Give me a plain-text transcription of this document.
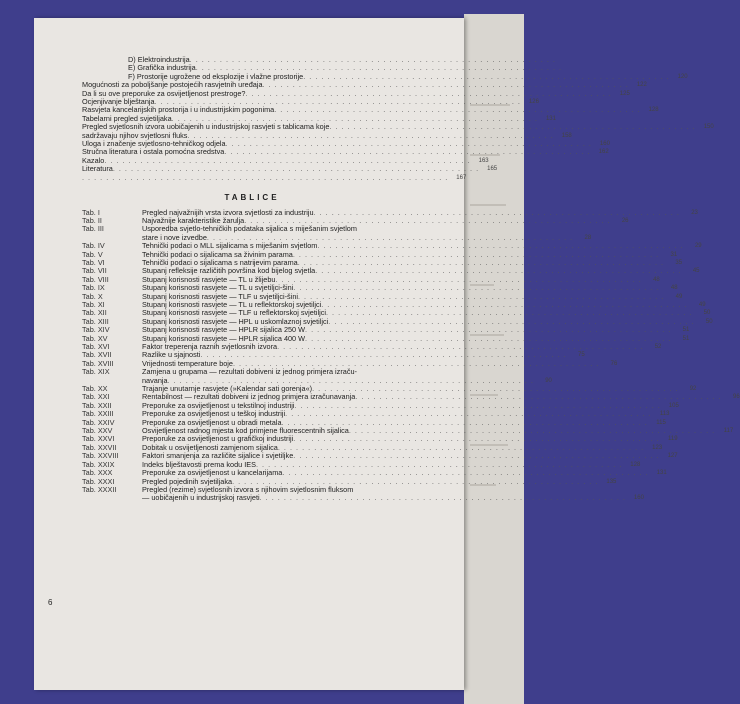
D) Elektroindustrija . . . . . . . . . . . . . . . . . . . . . . . . . . . . . . . . . . . . . . . . . . . . . . . . . . . . . . . . . . . . .
E) Grafička industrija . . . . . . . . . . . . . . . . . . . . . . . . . . . . . . . . . . . . . . . . . . . . . . . . . . . . . . . . . . . . .
F) Prostorije ugrožene od eksplozije i vlažne prostorije . . . . . . . . . . . . . . . . . . . . . . . . . . . . . . . . . . . . . . . . . . . . . . . . . . . . . . . . . . . . .	120
Mogućnosti za poboljšanje postojećih rasvjetnih uređaja . . . . . . . . . . . . . . . . . . . . . . . . . . . . . . . . . . . . . . . . . . . . . . . . . . . . . . . . . . . . .	122
Da li su ove preporuke za osvijetljenost prestroge? . . . . . . . . . . . . . . . . . . . . . . . . . . . . . . . . . . . . . . . . . . . . . . . . . . . . . . . . . . . . .	125
Ocjenjivanje blještanja . . . . . . . . . . . . . . . . . . . . . . . . . . . . . . . . . . . . . . . . . . . . . . . . . . . . . . . . . . . . .	126
Rasvjeta kancelarijskih prostorija i u industrijskim pogonima . . . . . . . . . . . . . . . . . . . . . . . . . . . . . . . . . . . . . . . . . . . . . . . . . . . . . . . . . . . . .	128
Tabelarni pregled svjetiljaka . . . . . . . . . . . . . . . . . . . . . . . . . . . . . . . . . . . . . . . . . . . . . . . . . . . . . . . . . . . . .	131
Pregled svjetlosnih izvora uobičajenih u industrijskoj rasvjeti s tablicama koje . . . . . . . . . . . . . . . . . . . . . . . . . . . . . . . . . . . . . . . . . . . . . . . . . . . . . . . . . . . . .	150
sadržavaju njihov svjetlosni fluks . . . . . . . . . . . . . . . . . . . . . . . . . . . . . . . . . . . . . . . . . . . . . . . . . . . . . . . . . . . . .	158
Uloga i značenje svjetlosno-tehničkog odjela . . . . . . . . . . . . . . . . . . . . . . . . . . . . . . . . . . . . . . . . . . . . . . . . . . . . . . . . . . . . .	160
Stručna literatura i ostala pomoćna sredstva . . . . . . . . . . . . . . . . . . . . . . . . . . . . . . . . . . . . . . . . . . . . . . . . . . . . . . . . . . . . .	162
Kazalo . . . . . . . . . . . . . . . . . . . . . . . . . . . . . . . . . . . . . . . . . . . . . . . . . . . . . . . . . . . . .	163
Literatura . . . . . . . . . . . . . . . . . . . . . . . . . . . . . . . . . . . . . . . . . . . . . . . . . . . . . . . . . . . . .	165
. . . . . . . . . . . . . . . . . . . . . . . . . . . . . . . . . . . . . . . . . . . . . . . . . . . . . . . . . . . . .	167
TABLICE
Tab. I	Pregled najvažnijih vrsta izvora svjetlosti za industriju . . . . . . . . . . . . . . . . . . . . . . . . . . . . . . . . . . . . . . . . . . . . . . . . . . . . . . . . . . . . .	23
Tab. II	Najvažnije karakteristike žarulja . . . . . . . . . . . . . . . . . . . . . . . . . . . . . . . . . . . . . . . . . . . . . . . . . . . . . . . . . . . . .	26
Tab. III	Usporedba svjetlo-tehničkih podataka sijalica s miješanim svjetlom
stare i nove izvedbe . . . . . . . . . . . . . . . . . . . . . . . . . . . . . . . . . . . . . . . . . . . . . . . . . . . . . . . . . . . . .	28
Tab. IV	Tehnički podaci o MLL sijalicama s miješanim svjetlom . . . . . . . . . . . . . . . . . . . . . . . . . . . . . . . . . . . . . . . . . . . . . . . . . . . . . . . . . . . . .	29
Tab. V	Tehnički podaci o sijalicama sa živinim parama . . . . . . . . . . . . . . . . . . . . . . . . . . . . . . . . . . . . . . . . . . . . . . . . . . . . . . . . . . . . .	31
Tab. VI	Tehnički podaci o sijalicama s natrijevim parama . . . . . . . . . . . . . . . . . . . . . . . . . . . . . . . . . . . . . . . . . . . . . . . . . . . . . . . . . . . . .	35
Tab. VII	Stupanj refleksije različitih površina kod bijelog svjetla . . . . . . . . . . . . . . . . . . . . . . . . . . . . . . . . . . . . . . . . . . . . . . . . . . . . . . . . . . . . .	45
Tab. VIII	Stupanj korisnosti rasvjete — TL u žlijebu . . . . . . . . . . . . . . . . . . . . . . . . . . . . . . . . . . . . . . . . . . . . . . . . . . . . . . . . . . . . .	48
Tab. IX	Stupanj korisnosti rasvjete — TL u svjetiljci-šini . . . . . . . . . . . . . . . . . . . . . . . . . . . . . . . . . . . . . . . . . . . . . . . . . . . . . . . . . . . . .	48
Tab. X	Stupanj korisnosti rasvjete — TLF u svjetiljci-šini . . . . . . . . . . . . . . . . . . . . . . . . . . . . . . . . . . . . . . . . . . . . . . . . . . . . . . . . . . . . .	49
Tab. XI	Stupanj korisnosti rasvjete — TL u reflektorskoj svjetiljci . . . . . . . . . . . . . . . . . . . . . . . . . . . . . . . . . . . . . . . . . . . . . . . . . . . . . . . . . . . . .	49
Tab. XII	Stupanj korisnosti rasvjete — TLF u reflektorskoj svjetiljci . . . . . . . . . . . . . . . . . . . . . . . . . . . . . . . . . . . . . . . . . . . . . . . . . . . . . . . . . . . . .	50
Tab. XIII	Stupanj korisnosti rasvjete — HPL u uskomlaznoj svjetiljci . . . . . . . . . . . . . . . . . . . . . . . . . . . . . . . . . . . . . . . . . . . . . . . . . . . . . . . . . . . . .	50
Tab. XIV	Stupanj korisnosti rasvjete — HPLR sijalica 250 W . . . . . . . . . . . . . . . . . . . . . . . . . . . . . . . . . . . . . . . . . . . . . . . . . . . . . . . . . . . . .	51
Tab. XV	Stupanj korisnosti rasvjete — HPLR sijalica 400 W . . . . . . . . . . . . . . . . . . . . . . . . . . . . . . . . . . . . . . . . . . . . . . . . . . . . . . . . . . . . .	51
Tab. XVI	Faktor treperenja raznih svjetlosnih izvora . . . . . . . . . . . . . . . . . . . . . . . . . . . . . . . . . . . . . . . . . . . . . . . . . . . . . . . . . . . . .	52
Tab. XVII	Razlike u sjajnosti . . . . . . . . . . . . . . . . . . . . . . . . . . . . . . . . . . . . . . . . . . . . . . . . . . . . . . . . . . . . .	75
Tab. XVIII	Vrijednosti temperature boje . . . . . . . . . . . . . . . . . . . . . . . . . . . . . . . . . . . . . . . . . . . . . . . . . . . . . . . . . . . . .	76
Tab. XIX	Zamjena u grupama — rezultati dobiveni iz jednog primjera izraču-
navanja . . . . . . . . . . . . . . . . . . . . . . . . . . . . . . . . . . . . . . . . . . . . . . . . . . . . . . . . . . . . .	90
Tab. XX	Trajanje unutarnje rasvjete (»Kalendar sati gorenja«) . . . . . . . . . . . . . . . . . . . . . . . . . . . . . . . . . . . . . . . . . . . . . . . . . . . . . . . . . . . . .	92
Tab. XXI	Rentabilnost — rezultati dobiveni iz jednog primjera izračunavanja . . . . . . . . . . . . . . . . . . . . . . . . . . . . . . . . . . . . . . . . . . . . . . . . . . . . . . . . . . . . .	96
Tab. XXII	Preporuke za osvijetljenost u tekstilnoj industriji . . . . . . . . . . . . . . . . . . . . . . . . . . . . . . . . . . . . . . . . . . . . . . . . . . . . . . . . . . . . .	105
Tab. XXIII	Preporuke za osvijetljenost u teškoj industriji . . . . . . . . . . . . . . . . . . . . . . . . . . . . . . . . . . . . . . . . . . . . . . . . . . . . . . . . . . . . .	113
Tab. XXIV	Preporuke za osvijetljenost u obradi metala . . . . . . . . . . . . . . . . . . . . . . . . . . . . . . . . . . . . . . . . . . . . . . . . . . . . . . . . . . . . .	115
Tab. XXV	Osvijetljenost radnog mjesta kod primjene fluorescentnih sijalica . . . . . . . . . . . . . . . . . . . . . . . . . . . . . . . . . . . . . . . . . . . . . . . . . . . . . . . . . . . . .	117
Tab. XXVI	Preporuke za osvijetljenost u grafičkoj industriji . . . . . . . . . . . . . . . . . . . . . . . . . . . . . . . . . . . . . . . . . . . . . . . . . . . . . . . . . . . . .	119
Tab. XXVII	Dobitak u osvijetljenosti zamjenom sijalica . . . . . . . . . . . . . . . . . . . . . . . . . . . . . . . . . . . . . . . . . . . . . . . . . . . . . . . . . . . . .	123
Tab. XXVIII	Faktori smanjenja za različite sijalice i svjetiljke . . . . . . . . . . . . . . . . . . . . . . . . . . . . . . . . . . . . . . . . . . . . . . . . . . . . . . . . . . . . .	127
Tab. XXIX	Indeks blještavosti prema kodu IES . . . . . . . . . . . . . . . . . . . . . . . . . . . . . . . . . . . . . . . . . . . . . . . . . . . . . . . . . . . . .	128
Tab. XXX	Preporuke za osvijetljenost u kancelarijama . . . . . . . . . . . . . . . . . . . . . . . . . . . . . . . . . . . . . . . . . . . . . . . . . . . . . . . . . . . . .	131
Tab. XXXI	Pregled pojedinih svjetiljaka . . . . . . . . . . . . . . . . . . . . . . . . . . . . . . . . . . . . . . . . . . . . . . . . . . . . . . . . . . . . .	135
Tab. XXXII	Pregled (rezime) svjetlosnih izvora s njihovim svjetlosnim fluksom
— uobičajenih u industrijskoj rasvjeti . . . . . . . . . . . . . . . . . . . . . . . . . . . . . . . . . . . . . . . . . . . . . . . . . . . . . . . . . . . . .	160
6
